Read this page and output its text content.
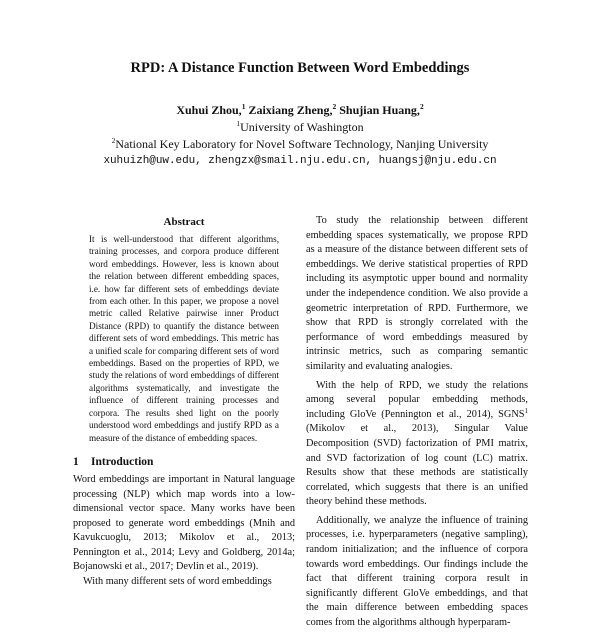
RPD: A Distance Function Between Word Embeddings
Xuhui Zhou,$^1$ Zaixiang Zheng,$^2$ Shujian Huang,$^2$
$^1$University of Washington
$^2$National Key Laboratory for Novel Software Technology, Nanjing University
xuhuizh@uw.edu, zhengzx@smail.nju.edu.cn, huangsj@nju.edu.cn
Abstract

It is well-understood that different algorithms, training processes, and corpora produce different word embeddings. However, less is known about the relation between different embedding spaces, i.e. how far different sets of embeddings deviate from each other. In this paper, we propose a novel metric called Relative pairwise inner Product Distance (RPD) to quantify the distance between different sets of word embeddings. This metric has a unified scale for comparing different sets of word embeddings. Based on the properties of RPD, we study the relations of word embeddings of different algorithms systematically, and investigate the influence of different training processes and corpora. The results shed light on the poorly understood word embeddings and justify RPD as a measure of the distance of embedding spaces.

1 Introduction

Word embeddings are important in Natural language processing (NLP) which map words into a low-dimensional vector space. Many works have been proposed to generate word embeddings (Mnih and Kavukcuoglu, 2013; Mikolov et al., 2013; Pennington et al., 2014; Levy and Goldberg, 2014a; Bojanowski et al., 2017; Devlin et al., 2019).

With many different sets of word embeddings

To study the relationship between different embedding spaces systematically, we propose RPD as a measure of the distance between different sets of embeddings. We derive statistical properties of RPD including its asymptotic upper bound and normality under the independence condition. We also provide a geometric interpretation of RPD. Furthermore, we show that RPD is strongly correlated with the performance of word embeddings measured by intrinsic metrics, such as comparing semantic similarity and evaluating analogies.

With the help of RPD, we study the relations among several popular embedding methods, including GloVe (Pennington et al., 2014), SGNS$^1$ (Mikolov et al., 2013), Singular Value Decomposition (SVD) factorization of PMI matrix, and SVD factorization of log count (LC) matrix. Results show that these methods are statistically correlated, which suggests that there is an unified theory behind these methods.

Additionally, we analyze the influence of training processes, i.e. hyperparameters (negative sampling), random initialization; and the influence of corpora towards word embeddings. Our findings include the fact that different training corpora result in significantly different GloVe embeddings, and that the main difference between embedding spaces comes from the algorithms although hyperparam-
